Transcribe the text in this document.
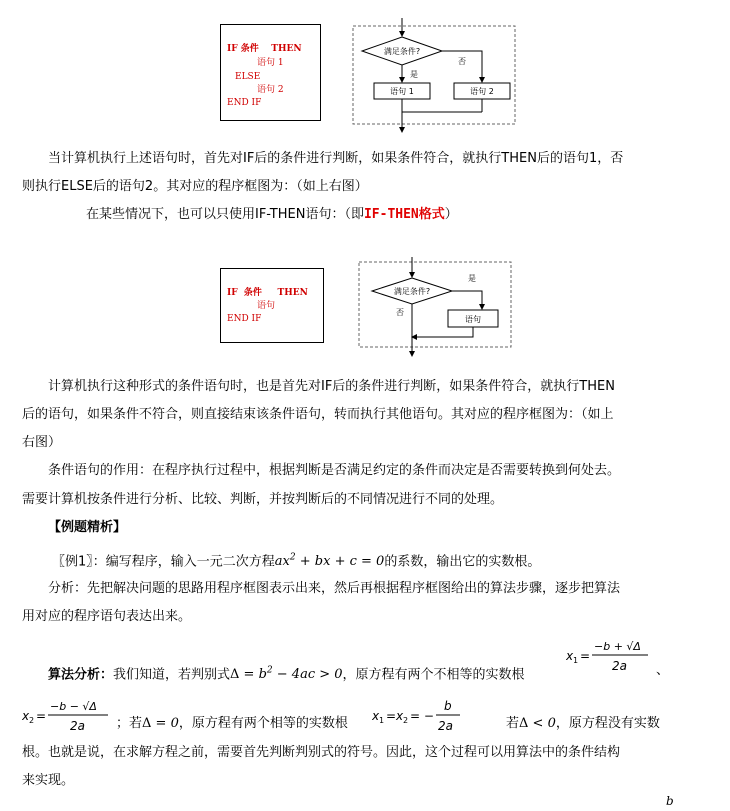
IF 条件    THEN
语句 1
ELSE
语句 2
END IF
满足条件?
是
否
语句 1	语句 2
当计算机执行上述语句时，首先对IF后的条件进行判断，如果条件符合，就执行THEN后的语句1，否
则执行ELSE后的语句2。其对应的程序框图为：（如上右图）
在某些情况下，也可以只使用IF-THEN语句：（即IF-THEN格式）
IF  条件     THEN
语句
END IF
满足条件?
是
语句
否
计算机执行这种形式的条件语句时，也是首先对IF后的条件进行判断，如果条件符合，就执行THEN
后的语句，如果条件不符合，则直接结束该条件语句，转而执行其他语句。其对应的程序框图为：（如上
右图）
条件语句的作用：在程序执行过程中，根据判断是否满足约定的条件而决定是否需要转换到何处去。
需要计算机按条件进行分析、比较、判断，并按判断后的不同情况进行不同的处理。
【例题精析】
〖例1〗：编写程序，输入一元二次方程$ax^2$ + bx + c = 0的系数，输出它的实数根。
分析：先把解决问题的思路用程序框图表示出来，然后再根据程序框图给出的算法步骤，逐步把算法
用对应的程序语句表达出来。
算法分析：我们知道，若判别式$\Delta = b^2 - 4ac > 0$，原方程有两个不相等的实数根
x 1 =
−b + √Δ
2a 、
x 2 =
−b − √Δ
2a ；若Δ = 0，原方程有两个相等的实数根 x 1 = x 2 = −
b
2a	若Δ < 0，原方程没有实数
根。也就是说，在求解方程之前，需要首先判断判别式的符号。因此，这个过程可以用算法中的条件结构
来实现。
b
